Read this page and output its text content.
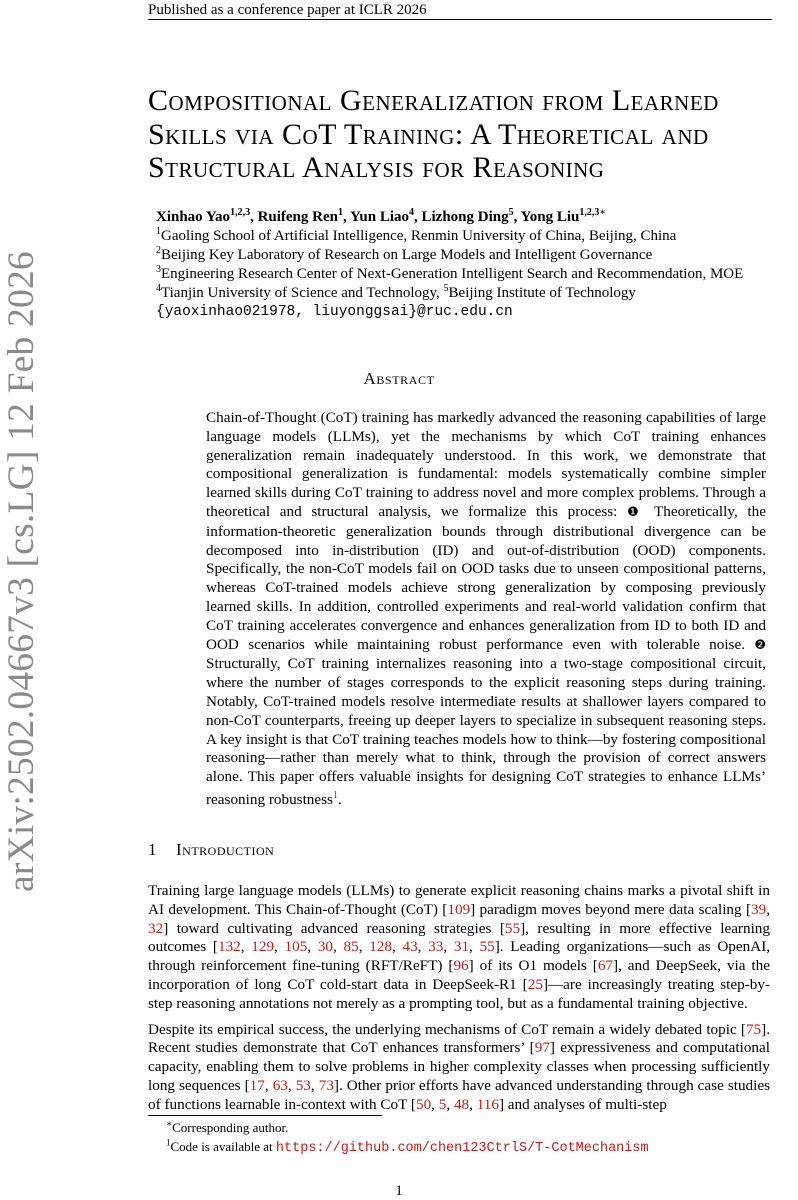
Published as a conference paper at ICLR 2026
arXiv:2502.04667v3 [cs.LG] 12 Feb 2026
Compositional Generalization from Learned
Skills via CoT Training: A Theoretical and
Structural Analysis for Reasoning
Xinhao Yao$^{1,2,3}$, Ruifeng Ren$^1$, Yun Liao$^4$, Lizhong Ding$^5$, Yong Liu$^{1,2,3∗}$
$^1$Gaoling School of Artificial Intelligence, Renmin University of China, Beijing, China
$^2$Beijing Key Laboratory of Research on Large Models and Intelligent Governance
$^3$Engineering Research Center of Next-Generation Intelligent Search and Recommendation, MOE
$^4$Tianjin University of Science and Technology, $^5$Beijing Institute of Technology
{yaoxinhao021978, liuyonggsai}@ruc.edu.cn
Abstract

Chain-of-Thought (CoT) training has markedly advanced the reasoning capabilities of large language models (LLMs), yet the mechanisms by which CoT training enhances generalization remain inadequately understood. In this work, we demonstrate that compositional generalization is fundamental: models systematically combine simpler learned skills during CoT training to address novel and more complex problems. Through a theoretical and structural analysis, we formalize this process: ❶ Theoretically, the information-theoretic generalization bounds through distributional divergence can be decomposed into in-distribution (ID) and out-of-distribution (OOD) components. Specifically, the non-CoT models fail on OOD tasks due to unseen compositional patterns, whereas CoT-trained models achieve strong generalization by composing previously learned skills. In addition, controlled experiments and real-world validation confirm that CoT training accelerates convergence and enhances generalization from ID to both ID and OOD scenarios while maintaining robust performance even with tolerable noise. ❷ Structurally, CoT training internalizes reasoning into a two-stage compositional circuit, where the number of stages corresponds to the explicit reasoning steps during training. Notably, CoT-trained models resolve intermediate results at shallower layers compared to non-CoT counterparts, freeing up deeper layers to specialize in subsequent reasoning steps. A key insight is that CoT training teaches models how to think—by fostering compositional reasoning—rather than merely what to think, through the provision of correct answers alone. This paper offers valuable insights for designing CoT strategies to enhance LLMs’ reasoning robustness$^1$.

1 Introduction

Training large language models (LLMs) to generate explicit reasoning chains marks a pivotal shift in AI development. This Chain-of-Thought (CoT) [109] paradigm moves beyond mere data scaling [39, 32] toward cultivating advanced reasoning strategies [55], resulting in more effective learning outcomes [132, 129, 105, 30, 85, 128, 43, 33, 31, 55]. Leading organizations—such as OpenAI, through reinforcement fine-tuning (RFT/ReFT) [96] of its O1 models [67], and DeepSeek, via the incorporation of long CoT cold-start data in DeepSeek-R1 [25]—are increasingly treating step-by-step reasoning annotations not merely as a prompting tool, but as a fundamental training objective.

Despite its empirical success, the underlying mechanisms of CoT remain a widely debated topic [75]. Recent studies demonstrate that CoT enhances transformers’ [97] expressiveness and computational capacity, enabling them to solve problems in higher complexity classes when processing sufficiently long sequences [17, 63, 53, 73]. Other prior efforts have advanced understanding through case studies of functions learnable in-context with CoT [50, 5, 48, 116] and analyses of multi-step

∗Corresponding author.
$^1$Code is available at https://github.com/chen123CtrlS/T-CotMechanism
1
